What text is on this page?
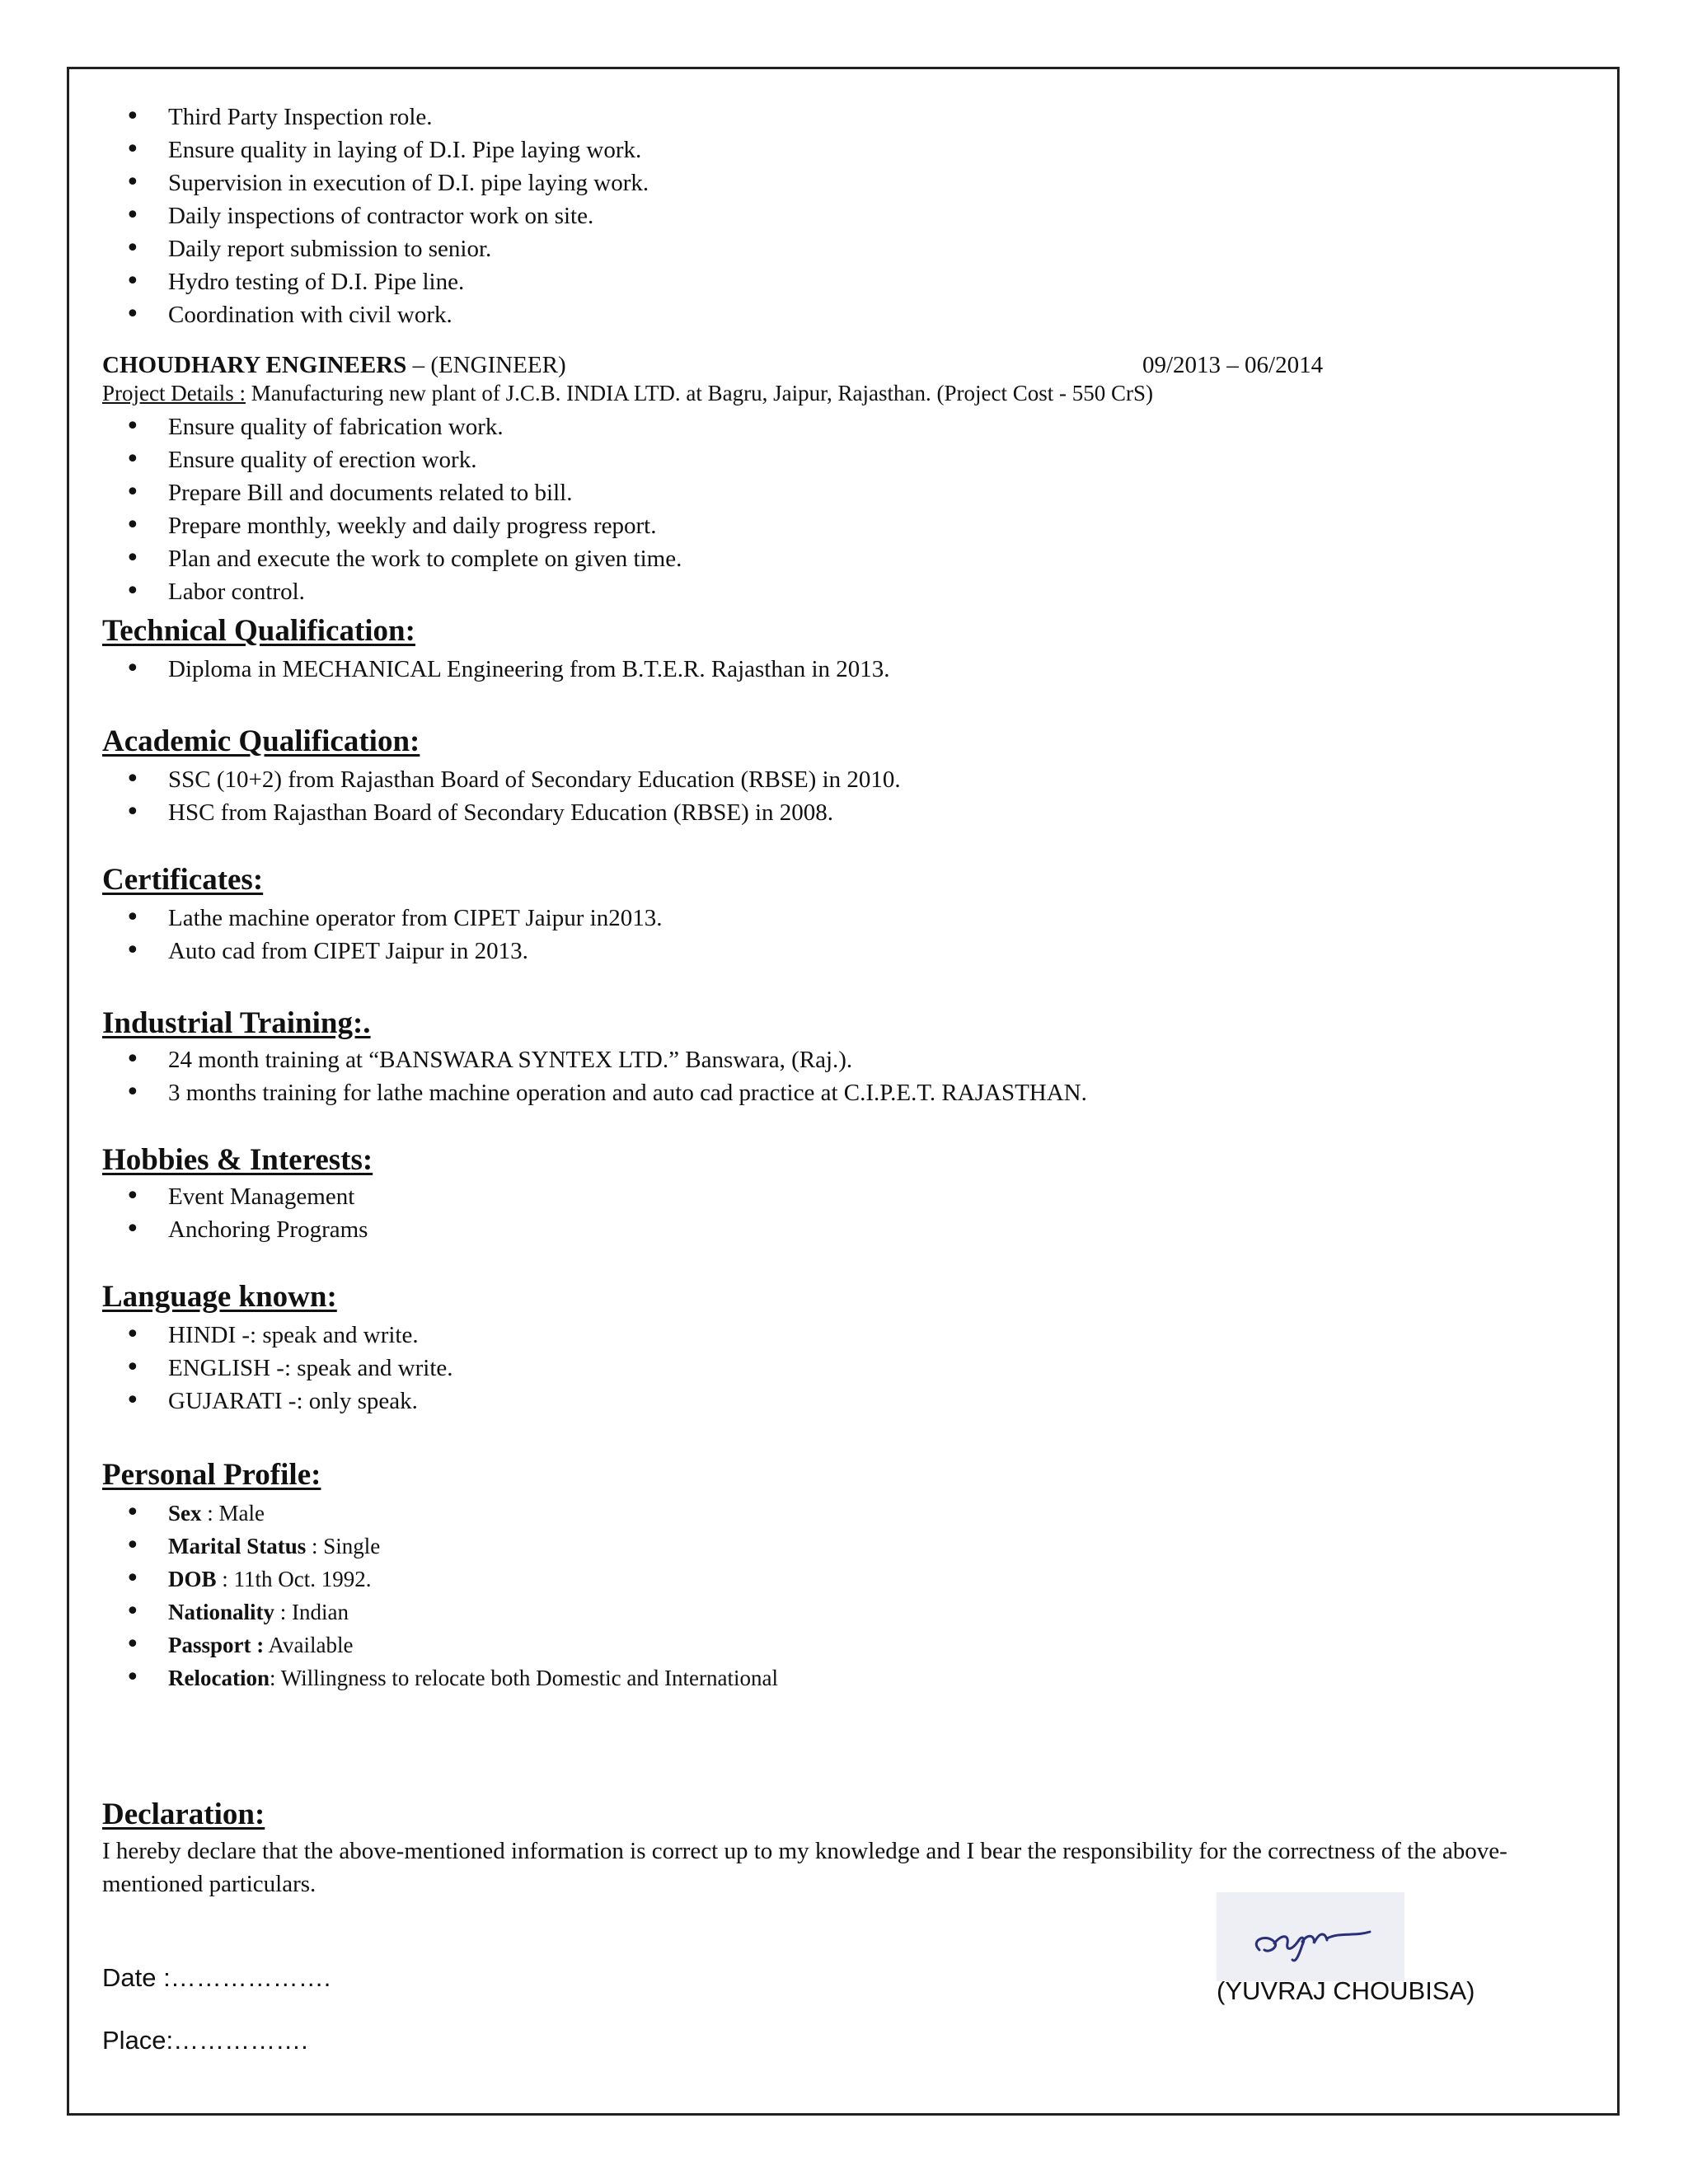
• Third Party Inspection role.
• Ensure quality in laying of D.I. Pipe laying work.
• Supervision in execution of D.I. pipe laying work.
• Daily inspections of contractor work on site.
• Daily report submission to senior.
• Hydro testing of D.I. Pipe line.
• Coordination with civil work.
CHOUDHARY ENGINEERS – (ENGINEER)	09/2013 – 06/2014
Project Details : Manufacturing new plant of J.C.B. INDIA LTD. at Bagru, Jaipur, Rajasthan. (Project Cost - 550 CrS)
• Ensure quality of fabrication work.
• Ensure quality of erection work.
• Prepare Bill and documents related to bill.
• Prepare monthly, weekly and daily progress report.
• Plan and execute the work to complete on given time.
• Labor control.
Technical Qualification:
• Diploma in MECHANICAL Engineering from B.T.E.R. Rajasthan in 2013.
Academic Qualification:
• SSC (10+2) from Rajasthan Board of Secondary Education (RBSE) in 2010.
• HSC from Rajasthan Board of Secondary Education (RBSE) in 2008.
Certificates:
• Lathe machine operator from CIPET Jaipur in2013.
• Auto cad from CIPET Jaipur in 2013.
Industrial Training:.
• 24 month training at “BANSWARA SYNTEX LTD.” Banswara, (Raj.).
• 3 months training for lathe machine operation and auto cad practice at C.I.P.E.T. RAJASTHAN.
Hobbies & Interests:
• Event Management
• Anchoring Programs
Language known:
• HINDI -: speak and write.
• ENGLISH -: speak and write.
• GUJARATI -: only speak.
Personal Profile:
• Sex : Male
• Marital Status : Single
• DOB : 11th Oct. 1992.
• Nationality : Indian
• Passport : Available
• Relocation: Willingness to relocate both Domestic and International
Declaration:
I hereby declare that the above-mentioned information is correct up to my knowledge and I bear the responsibility for the correctness of the above-mentioned particulars.
Date :……………….
Place:…………….
(YUVRAJ CHOUBISA)
